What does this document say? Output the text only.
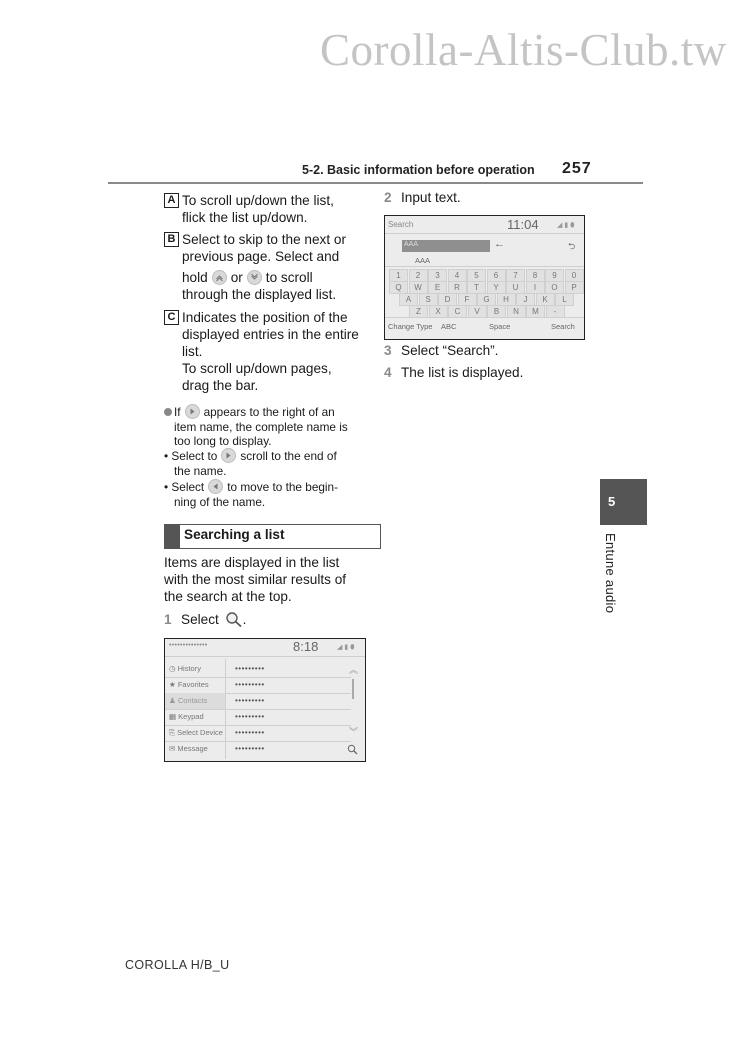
Corolla-Altis-Club.tw
5-2. Basic information before operation 257
A To scroll up/down the list,
flick the list up/down.
B Select to skip to the next or
previous page. Select and
hold or to scroll
through the displayed list.
C Indicates the position of the
displayed entries in the entire
list.
To scroll up/down pages,
drag the bar.
If appears to the right of an
item name, the complete name is
too long to display.
• Select to scroll to the end of
the name.
• Select to move to the begin-
ning of the name.
Searching a list
Items are displayed in the list
with the most similar results of
the search at the top.
1 Select .
••••••••••••••	8:18	◢ ▮ ⬮
◷ History	•••••••••
★ Favorites	•••••••••
♟ Contacts	•••••••••
▦ Keypad	•••••••••
⎘ Select Device •••••••••
✉ Message	•••••••••
︽
︾
2 Input text.
Search	11:04	◢ ▮ ⬮
AAA	←	⮌
AAA
1	2	3	4	5	6	7	8	9	0
Q	W	E	R	T	Y	U	I	O	P
A	S	D	F	G	H	J	K	L
Z	X	C	V	B	N	M	-
Change Type ABC	Space	Search
3 Select “Search”.
4 The list is displayed.
5
Entune audio
COROLLA H/B_U
